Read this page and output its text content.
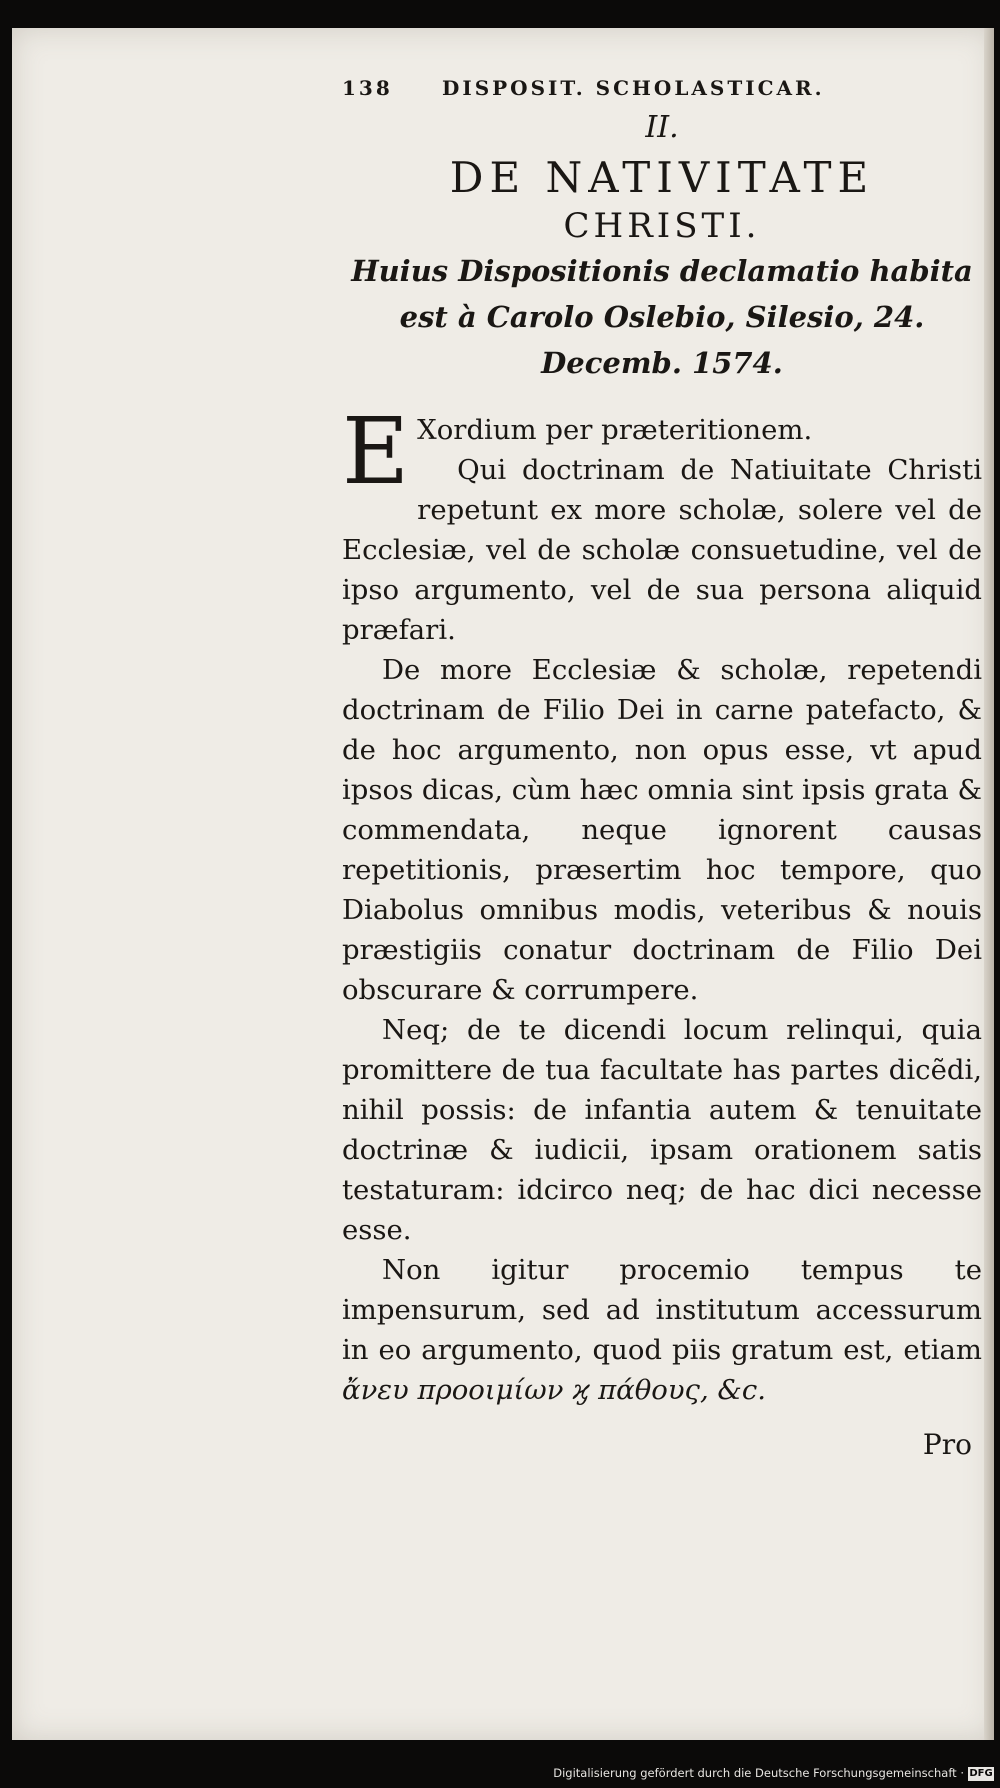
138	DISPOSIT. SCHOLASTICAR.
II.
DE NATIVITATE
CHRISTI.
Huius Dispositionis declamatio habita
est à Carolo Oslebio, Silesio, 24.
Decemb. 1574.

E Xordium per præteritionem.

Qui doctrinam de Natiuitate Christi repetunt ex more scholæ, solere vel de Ecclesiæ, vel de scholæ consuetudine, vel de ipso argumento, vel de sua persona aliquid præfari.

De more Ecclesiæ & scholæ, repetendi doctrinam de Filio Dei in carne patefacto, & de hoc argumento, non opus esse, vt apud ipsos dicas, cùm hæc omnia sint ipsis grata & commendata, neque ignorent causas repetitionis, præsertim hoc tempore, quo Diabolus omnibus modis, veteribus & nouis præstigiis conatur doctrinam de Filio Dei obscurare & corrumpere.

Neq; de te dicendi locum relinqui, quia promittere de tua facultate has partes dicẽdi, nihil possis: de infantia autem & tenuitate doctrinæ & iudicii, ipsam orationem satis testaturam: idcirco neq; de hac dici necesse esse.

Non igitur procemio tempus te impensurum, sed ad institutum accessurum in eo argumento, quod piis gratum est, etiam ἄνευ προοιμίων ϗ πάθους, &c.

Pro
Digitalisierung gefördert durch die Deutsche Forschungsgemeinschaft · DFG
